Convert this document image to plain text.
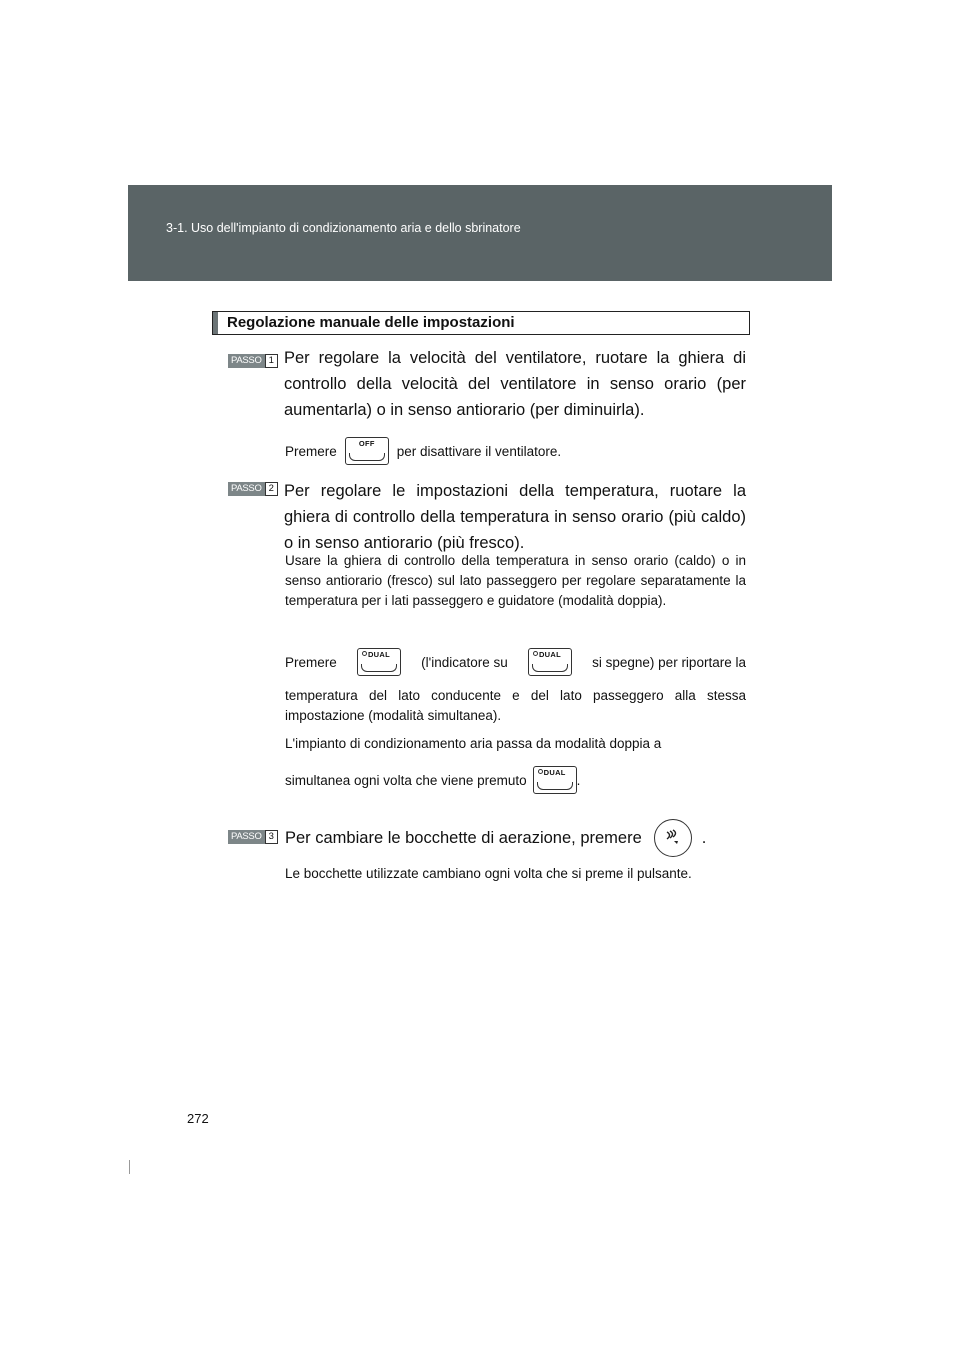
3-1. Uso dell'impianto di condizionamento aria e dello sbrinatore
Regolazione manuale delle impostazioni
PASSO 1 Per regolare la velocità del ventilatore, ruotare la ghiera di controllo della velocità del ventilatore in senso orario (per aumentarla) o in senso antiorario (per diminuirla).
Premere	OFF	per disattivare il ventilatore.
PASSO 2 Per regolare le impostazioni della temperatura, ruotare la ghiera di controllo della temperatura in senso orario (più caldo) o in senso antiorario (più fresco).
Usare la ghiera di controllo della temperatura in senso orario (caldo) o in senso antiorario (fresco) sul lato passeggero per regolare separatamente la temperatura per i lati passeggero e guidatore (modalità doppia).
Premere	DUAL	(l'indicatore su	DUAL	si spegne) per riportare la
temperatura del lato conducente e del lato passeggero alla stessa impostazione (modalità simultanea).
L'impianto di condizionamento aria passa da modalità doppia a
simultanea ogni volta che viene premuto	DUAL .
PASSO 3 Per cambiare le bocchette di aerazione, premere	.
Le bocchette utilizzate cambiano ogni volta che si preme il pulsante.
272
